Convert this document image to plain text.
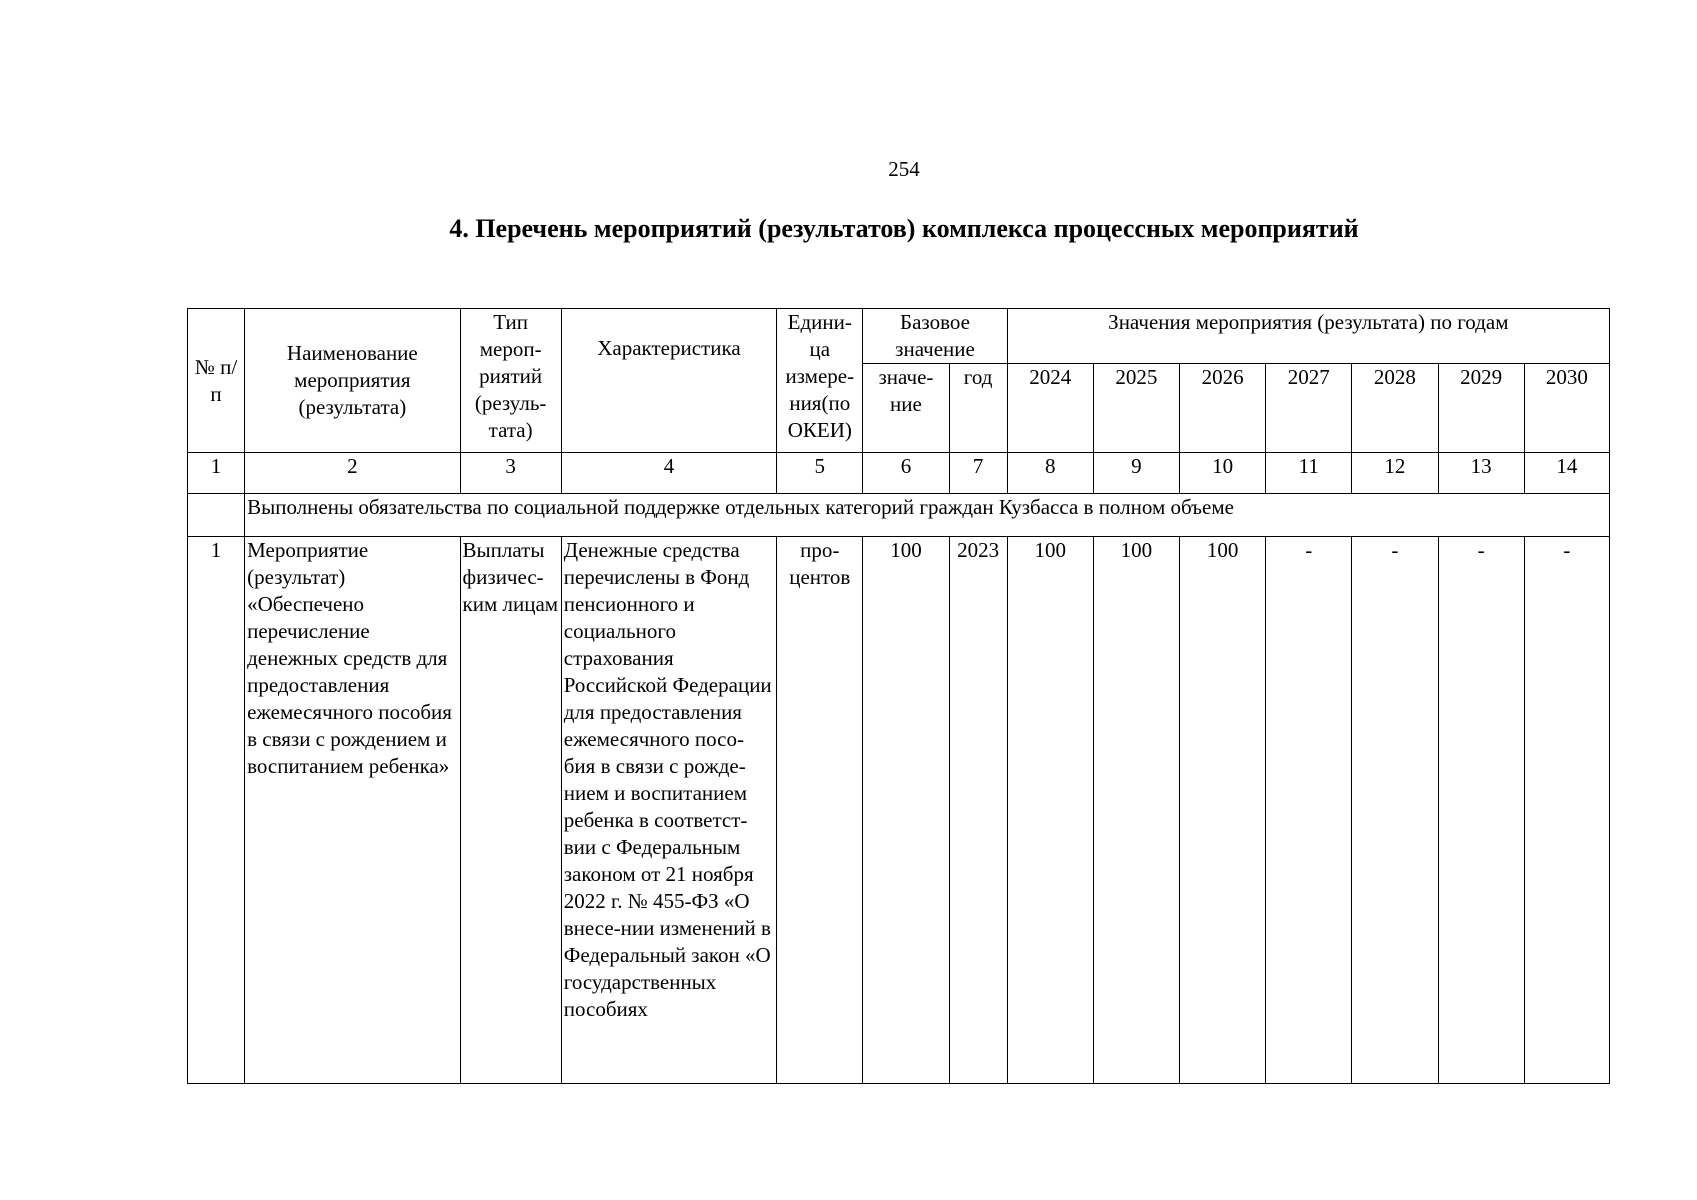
254
4. Перечень мероприятий (результатов) комплекса процессных мероприятий
№ п/п	Наименование мероприятия (результата)	Тип мероп-риятий (резуль-тата)	Характеристика	Едини-ца измере-ния(по ОКЕИ)	Базовое значение		Значения мероприятия (результата) по годам						
					значе-ние	год	2024	2025	2026	2027	2028	2029	2030
1	2	3	4	5	6	7	8	9	10	11	12	13	14
	Выполнены обязательства по социальной поддержке отдельных категорий граждан Кузбасса в полном объеме												
1	Мероприятие (результат) «Обеспечено перечисление денежных средств для предоставления ежемесячного пособия в связи с рождением и воспитанием ребенка»	Выплаты физичес-ким лицам	Денежные средства перечислены в Фонд пенсионного и социального страхования Российской Федерации для предоставления ежемесячного посо-бия в связи с рожде-нием и воспитанием ребенка в соответст-вии с Федеральным законом от 21 ноября 2022 г. № 455-ФЗ «О внесе-нии изменений в Федеральный закон «О государственных пособиях	про-центов	100	2023	100	100	100	-	-	-	-
